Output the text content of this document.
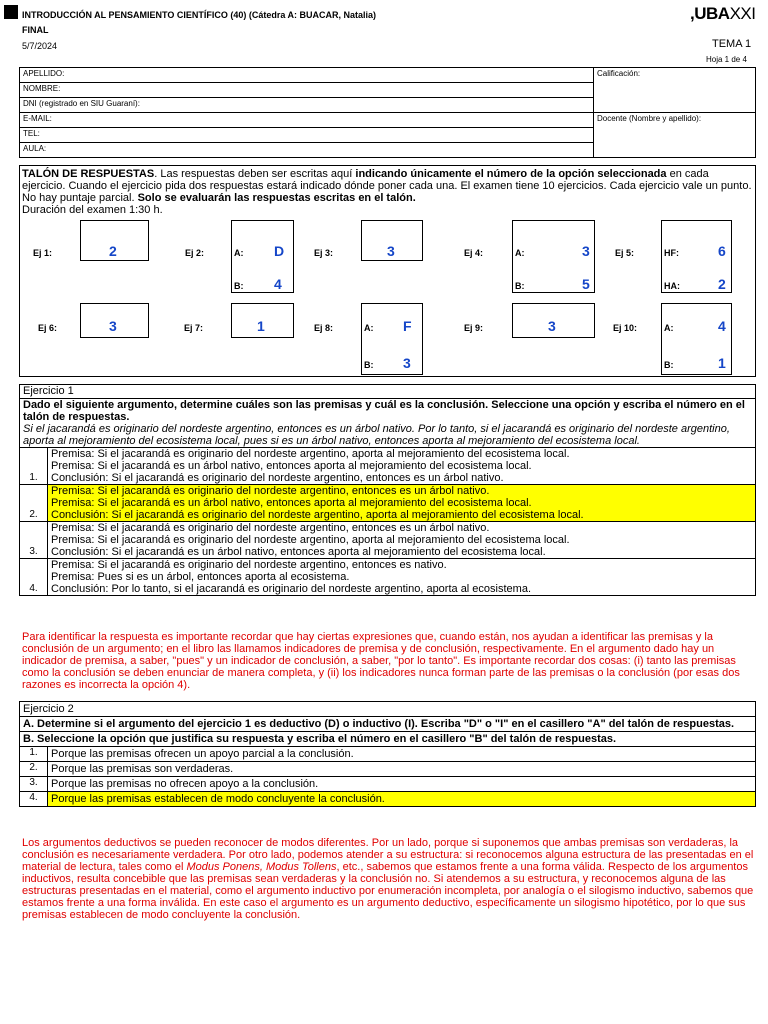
INTRODUCCIÓN AL PENSAMIENTO CIENTÍFICO (40) (Cátedra A: BUACAR, Natalia)
FINAL
5/7/2024
,UBAXXI
TEMA 1
Hoja 1 de 4
APELLIDO:	Calificación:
NOMBRE:	
DNI (registrado en SIU Guaraní):	
E-MAIL:	Docente (Nombre y apellido):
TEL:	
AULA:	
TALÓN DE RESPUESTAS. Las respuestas deben ser escritas aquí indicando únicamente el número de la opción seleccionada en cada ejercicio. Cuando el ejercicio pida dos respuestas estará indicado dónde poner cada una. El examen tiene 10 ejercicios. Cada ejercicio vale un punto. No hay puntaje parcial. Solo se evaluarán las respuestas escritas en el talón.
Duración del examen 1:30 h.
Ej 1:	2	Ej 2:	A: D
B: 4
Ej 3:	3	Ej 4:	A:	3
B:	5
Ej 5:	HF:	6
HA:	2
Ej 6:	3	Ej 7:	1	Ej 8:	A: F
B: 3
Ej 9:	3	Ej 10:	A:	4
B:	1
Ejercicio 1
Dado el siguiente argumento, determine cuáles son las premisas y cuál es la conclusión. Seleccione una opción y escriba el número en el talón de respuestas.
Si el jacarandá es originario del nordeste argentino, entonces es un árbol nativo. Por lo tanto, si el jacarandá es originario del nordeste argentino, aporta al mejoramiento del ecosistema local, pues si es un árbol nativo, entonces aporta al mejoramiento del ecosistema local.
1.
Premisa: Si el jacarandá es originario del nordeste argentino, aporta al mejoramiento del ecosistema local.
Premisa: Si el jacarandá es un árbol nativo, entonces aporta al mejoramiento del ecosistema local.
Conclusión: Si el jacarandá es originario del nordeste argentino, entonces es un árbol nativo.
2.
Premisa: Si el jacarandá es originario del nordeste argentino, entonces es un árbol nativo.
Premisa: Si el jacarandá es un árbol nativo, entonces aporta al mejoramiento del ecosistema local.
Conclusión: Si el jacarandá es originario del nordeste argentino, aporta al mejoramiento del ecosistema local.
3.
Premisa: Si el jacarandá es originario del nordeste argentino, entonces es un árbol nativo.
Premisa: Si el jacarandá es originario del nordeste argentino, aporta al mejoramiento del ecosistema local.
Conclusión: Si el jacarandá es un árbol nativo, entonces aporta al mejoramiento del ecosistema local.
4.
Premisa: Si el jacarandá es originario del nordeste argentino, entonces es nativo.
Premisa: Pues si es un árbol, entonces aporta al ecosistema.
Conclusión: Por lo tanto, si el jacarandá es originario del nordeste argentino, aporta al ecosistema.
Para identificar la respuesta es importante recordar que hay ciertas expresiones que, cuando están, nos ayudan a identificar las premisas y la conclusión de un argumento; en el libro las llamamos indicadores de premisa y de conclusión, respectivamente. En el argumento dado hay un indicador de premisa, a saber, "pues" y un indicador de conclusión, a saber, "por lo tanto". Es importante recordar dos cosas: (i) tanto las premisas como la conclusión se deben enunciar de manera completa, y (ii) los indicadores nunca forman parte de las premisas o la conclusión (por esas dos razones es incorrecta la opción 4).
Ejercicio 2
A. Determine si el argumento del ejercicio 1 es deductivo (D) o inductivo (I). Escriba "D" o "I" en el casillero "A" del talón de respuestas.
B. Seleccione la opción que justifica su respuesta y escriba el número en el casillero "B" del talón de respuestas.
1.	Porque las premisas ofrecen un apoyo parcial a la conclusión.
2.	Porque las premisas son verdaderas.
3.	Porque las premisas no ofrecen apoyo a la conclusión.
4.	Porque las premisas establecen de modo concluyente la conclusión.
Los argumentos deductivos se pueden reconocer de modos diferentes. Por un lado, porque si suponemos que ambas premisas son verdaderas, la conclusión es necesariamente verdadera. Por otro lado, podemos atender a su estructura: si reconocemos alguna estructura de las presentadas en el material de lectura, tales como el Modus Ponens, Modus Tollens, etc., sabemos que estamos frente a una forma válida. Respecto de los argumentos inductivos, resulta concebible que las premisas sean verdaderas y la conclusión no. Si atendemos a su estructura, y reconocemos alguna de las estructuras presentadas en el material, como el argumento inductivo por enumeración incompleta, por analogía o el silogismo inductivo, sabemos que estamos frente a una forma inválida. En este caso el argumento es un argumento deductivo, específicamente un silogismo hipotético, por lo que sus premisas establecen de modo concluyente la conclusión.
